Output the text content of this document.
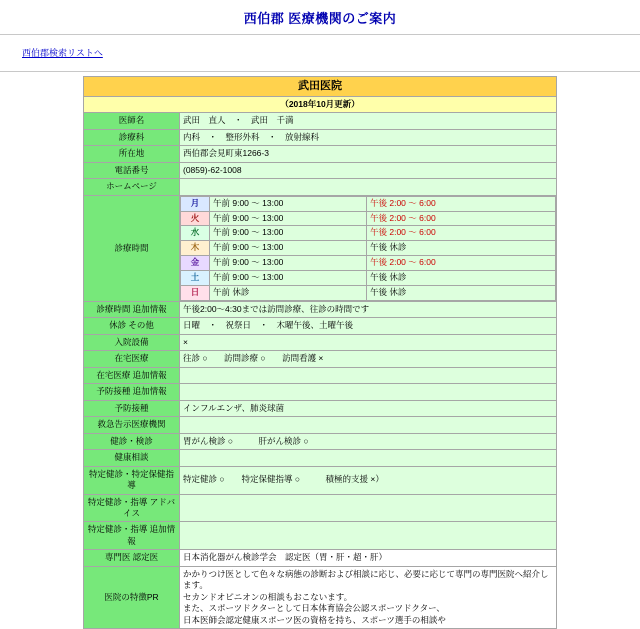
西伯郡 医療機関のご案内
西伯郡検索リストへ
武田医院
（2018年10月更新）
医師名	武田　直人　・　武田　千満
診療科	内科　・　整形外科　・　放射線科
所在地	西伯郡会見町東1266-3
電話番号	(0859)-62-1008
ホームページ	
診療時間	
月	午前 9:00 ～ 13:00	午後 2:00 ～ 6:00
火	午前 9:00 ～ 13:00	午後 2:00 ～ 6:00
水	午前 9:00 ～ 13:00	午後 2:00 ～ 6:00
木	午前 9:00 ～ 13:00	午後 休診
金	午前 9:00 ～ 13:00	午後 2:00 ～ 6:00
土	午前 9:00 ～ 13:00	午後 休診
日	午前 休診	午後 休診

診療時間 追加情報	午後2:00～4:30までは訪問診療、往診の時間です
休診 その他	日曜　・　祝祭日　・　木曜午後、土曜午後
入院設備	×
在宅医療	往診 ○ 訪問診療 ○ 訪問看護 ×
在宅医療 追加情報	
予防接種 追加情報	
予防接種	インフルエンザ、肺炎球菌
救急告示医療機関	
健診・検診	胃がん検診 ○　　　肝がん検診 ○
健康相談	
特定健診・特定保健指導	特定健診 ○　　特定保健指導 ○　　　積極的支援 ×）
特定健診・指導 アドバイス	
特定健診・指導 追加情報	
専門医 認定医	日本消化器がん検診学会　認定医（胃・肝・超・肝）
医院の特徴PR	
かかりつけ医として色々な病態の診断および相談に応じ、必要に応じて専門の専門医院へ紹介します。
セカンドオピニオンの相談もおこないます。
また、スポーツドクターとして日本体育協会公認スポーツドクター、
日本医師会認定健康スポーツ医の資格を持ち、スポーツ選手の相談や
